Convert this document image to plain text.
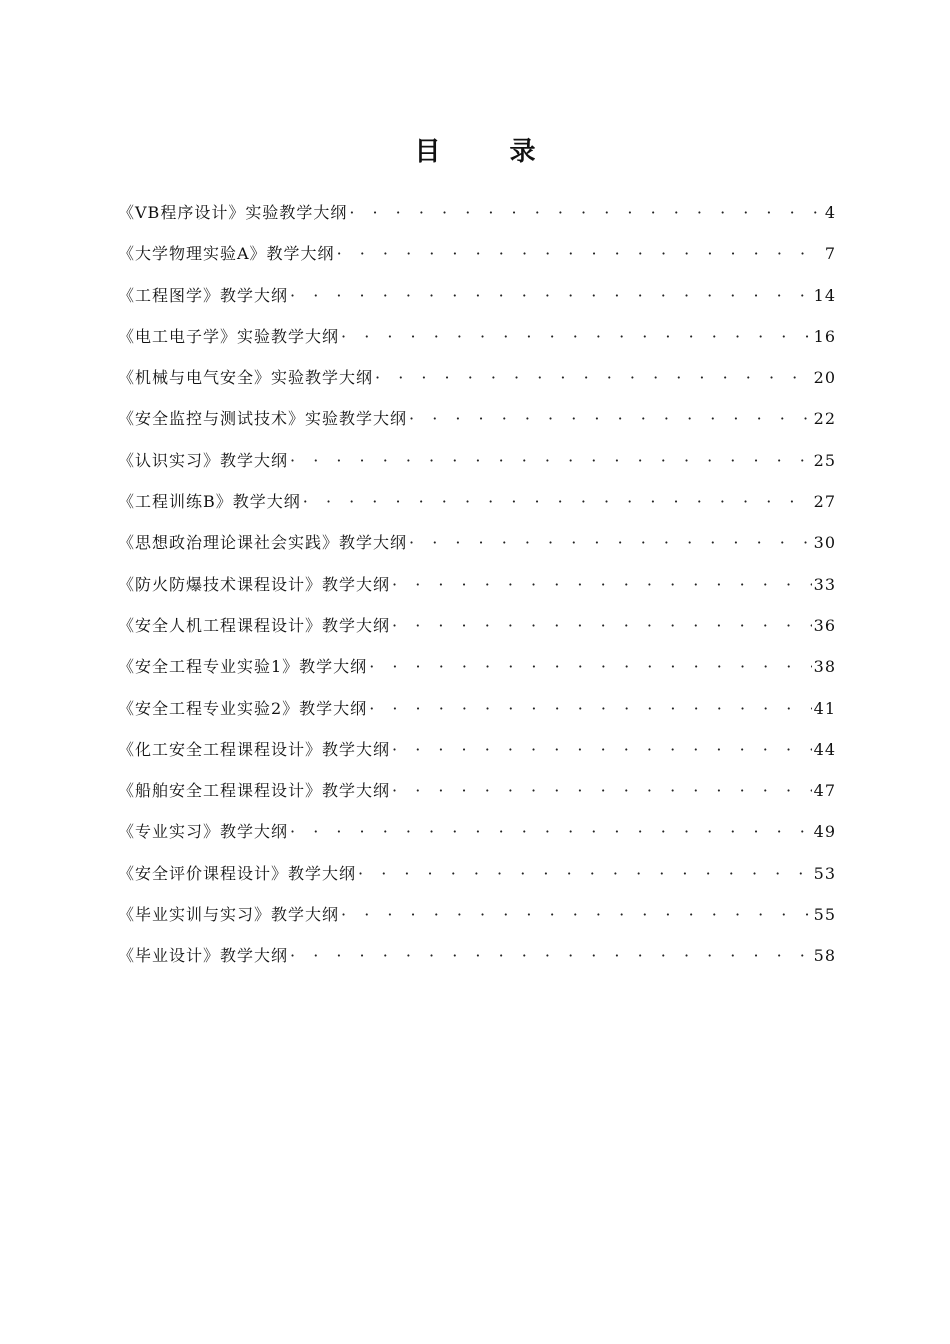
目 录
《VB程序设计》实验教学大纲 · · ·	4
《大学物理实验A》教学大纲 · · ·	7
《工程图学》教学大纲 · · ·	14
《电工电子学》实验教学大纲 · · ·	16
《机械与电气安全》实验教学大纲 · · ·	20
《安全监控与测试技术》实验教学大纲 · · ·	22
《认识实习》教学大纲 · · ·	25
《工程训练B》教学大纲 · · ·	27
《思想政治理论课社会实践》教学大纲 · · ·	30
《防火防爆技术课程设计》教学大纲 · · ·	33
《安全人机工程课程设计》教学大纲 · · ·	36
《安全工程专业实验1》教学大纲 · · ·	38
《安全工程专业实验2》教学大纲 · · ·	41
《化工安全工程课程设计》教学大纲 · · ·	44
《船舶安全工程课程设计》教学大纲 · · ·	47
《专业实习》教学大纲 · · ·	49
《安全评价课程设计》教学大纲 · · ·	53
《毕业实训与实习》教学大纲 · · ·	55
《毕业设计》教学大纲 · · ·	58
